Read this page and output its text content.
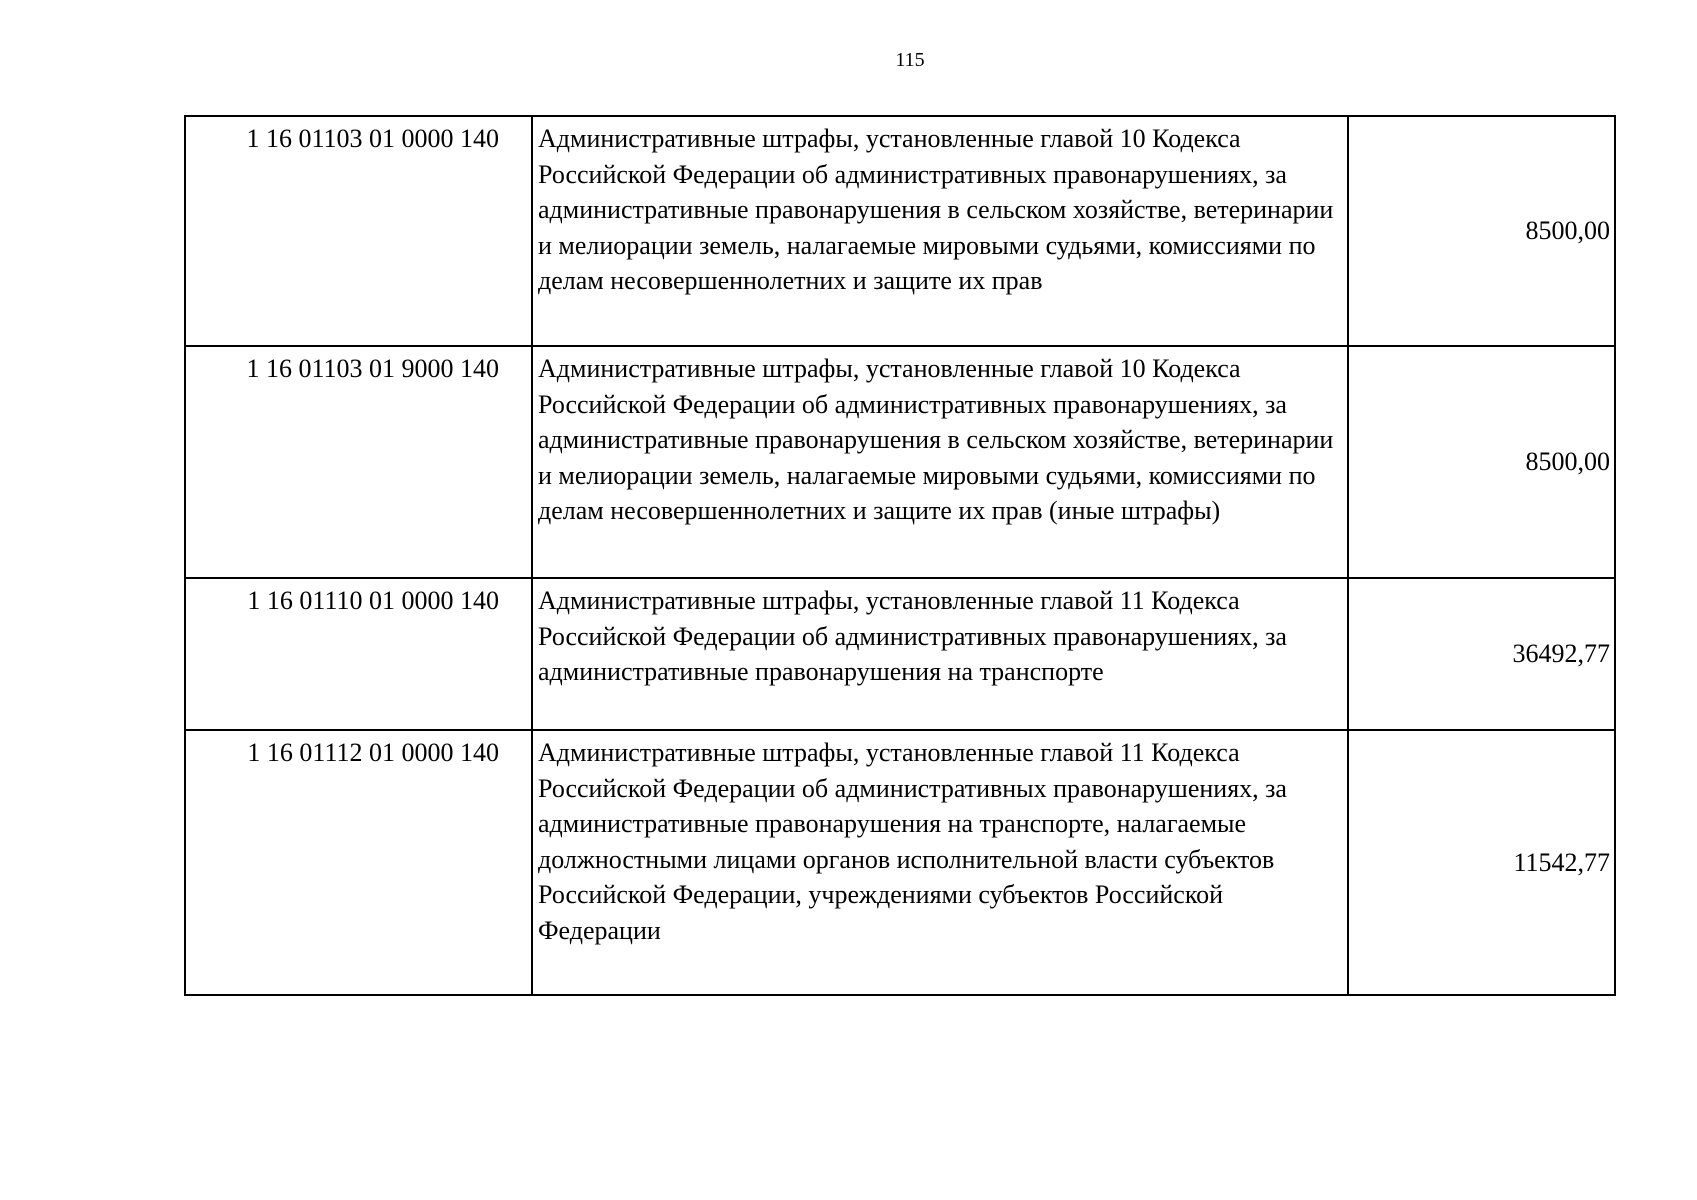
115
1 16 01103 01 0000 140	Административные штрафы, установленные главой 10 Кодекса Российской Федерации об административных правонарушениях, за административные правонарушения в сельском хозяйстве, ветеринарии и мелиорации земель, налагаемые мировыми судьями, комиссиями по делам несовершеннолетних и защите их прав	8500,00
1 16 01103 01 9000 140	Административные штрафы, установленные главой 10 Кодекса Российской Федерации об административных правонарушениях, за административные правонарушения в сельском хозяйстве, ветеринарии и мелиорации земель, налагаемые мировыми судьями, комиссиями по делам несовершеннолетних и защите их прав (иные штрафы)	8500,00
1 16 01110 01 0000 140	Административные штрафы, установленные главой 11 Кодекса Российской Федерации об административных правонарушениях, за административные правонарушения на транспорте	36492,77
1 16 01112 01 0000 140	Административные штрафы, установленные главой 11 Кодекса Российской Федерации об административных правонарушениях, за административные правонарушения на транспорте, налагаемые должностными лицами органов исполнительной власти субъектов Российской Федерации, учреждениями субъектов Российской Федерации	11542,77
